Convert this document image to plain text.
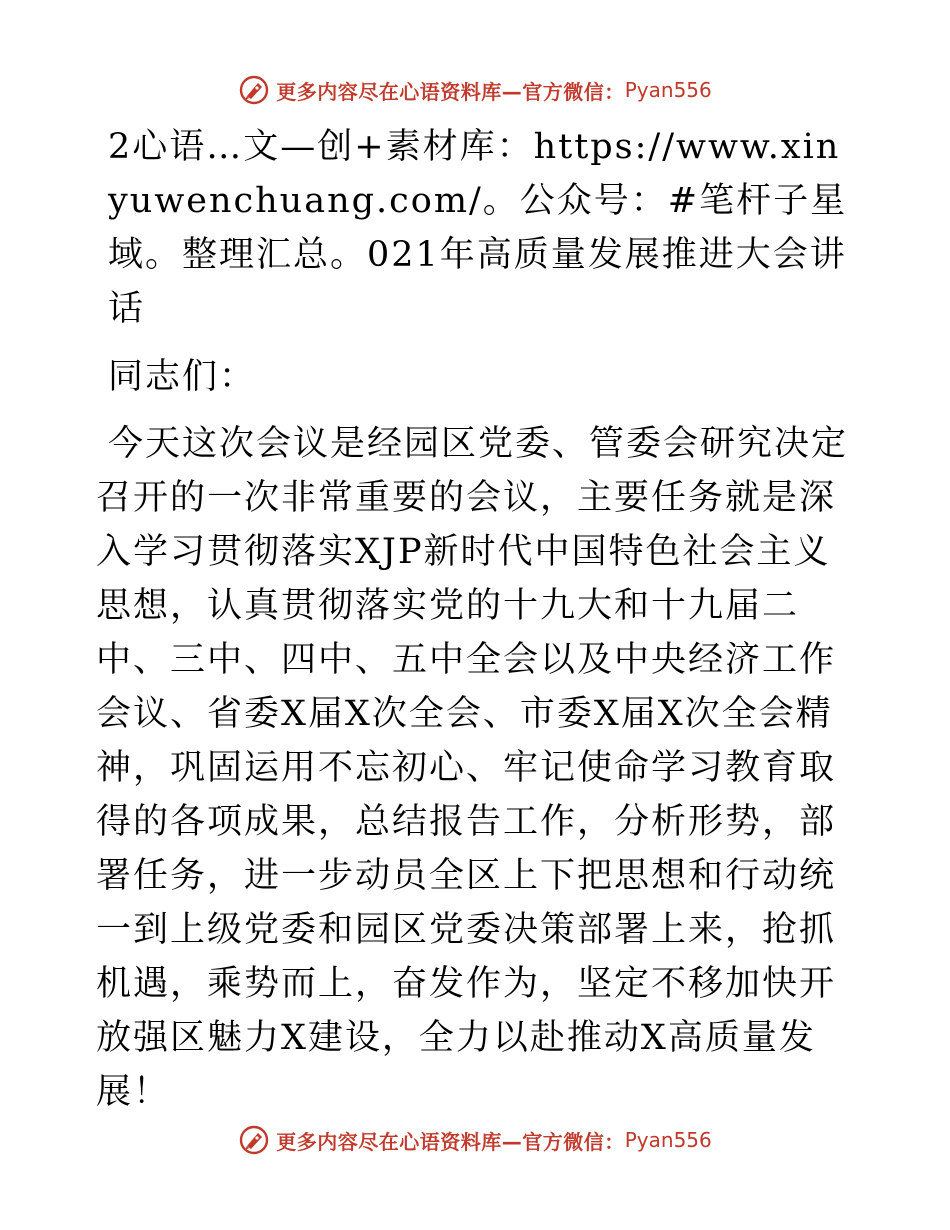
更多内容尽在心语资料库—官方微信： Pyan556

2心语…文—创+素材库：https://www.xinyuwenchuang.com/。公众号：#笔杆子星域。整理汇总。021年高质量发展推进大会讲话

同志们：

今天这次会议是经园区党委、管委会研究决定召开的一次非常重要的会议，主要任务就是深入学习贯彻落实XJP新时代中国特色社会主义思想，认真贯彻落实党的十九大和十九届二中、三中、四中、五中全会以及中央经济工作会议、省委X届X次全会、市委X届X次全会精神，巩固运用不忘初心、牢记使命学习教育取得的各项成果，总结报告工作，分析形势，部署任务，进一步动员全区上下把思想和行动统一到上级党委和园区党委决策部署上来，抢抓机遇，乘势而上，奋发作为，坚定不移加快开放强区魅力X建设，全力以赴推动X高质量发展！

更多内容尽在心语资料库—官方微信： Pyan556
